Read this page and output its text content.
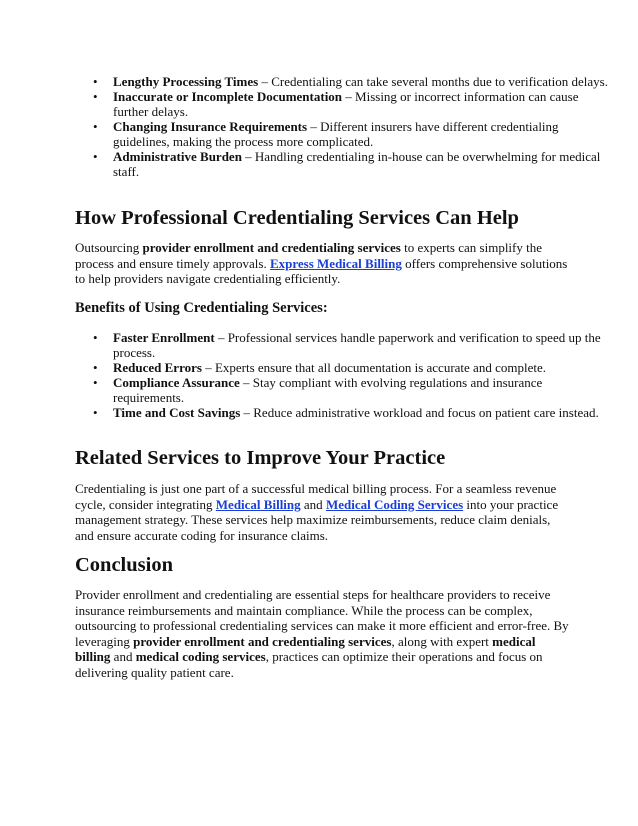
• Lengthy Processing Times – Credentialing can take several months due to verification delays.
• Inaccurate or Incomplete Documentation – Missing or incorrect information can cause further delays.
• Changing Insurance Requirements – Different insurers have different credentialing guidelines, making the process more complicated.
• Administrative Burden – Handling credentialing in-house can be overwhelming for medical staff.
How Professional Credentialing Services Can Help

Outsourcing provider enrollment and credentialing services to experts can simplify the process and ensure timely approvals. Express Medical Billing offers comprehensive solutions to help providers navigate credentialing efficiently.

Benefits of Using Credentialing Services:
• Faster Enrollment – Professional services handle paperwork and verification to speed up the process.
• Reduced Errors – Experts ensure that all documentation is accurate and complete.
• Compliance Assurance – Stay compliant with evolving regulations and insurance requirements.
• Time and Cost Savings – Reduce administrative workload and focus on patient care instead.
Related Services to Improve Your Practice

Credentialing is just one part of a successful medical billing process. For a seamless revenue cycle, consider integrating Medical Billing and Medical Coding Services into your practice management strategy. These services help maximize reimbursements, reduce claim denials, and ensure accurate coding for insurance claims.

Conclusion

Provider enrollment and credentialing are essential steps for healthcare providers to receive insurance reimbursements and maintain compliance. While the process can be complex, outsourcing to professional credentialing services can make it more efficient and error-free. By leveraging provider enrollment and credentialing services, along with expert medical billing and medical coding services, practices can optimize their operations and focus on delivering quality patient care.
